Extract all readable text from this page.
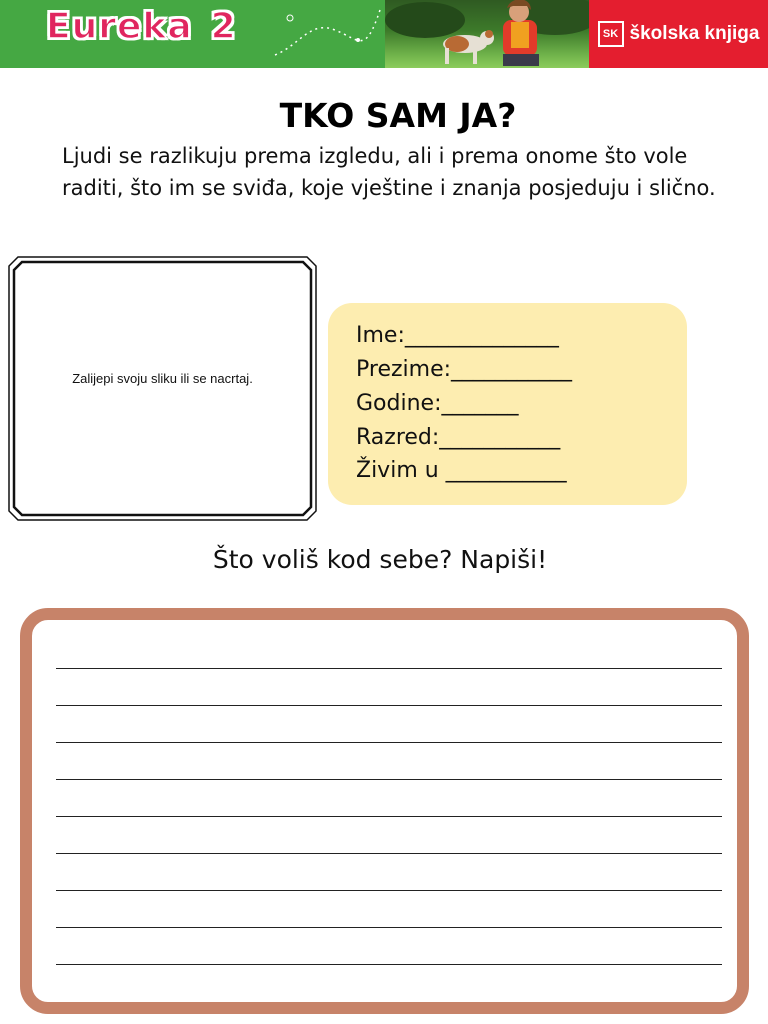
Eureka 2	SK školska knjiga
TKO SAM JA?
Ljudi se razlikuju prema izgledu, ali i prema onome što vole raditi, što im se sviđa, koje vještine i znanja posjeduju i slično.
Zalijepi svoju sliku ili se nacrtaj.
Ime:______________
Prezime:___________
Godine:_______
Razred:___________
Živim u ___________
Što voliš kod sebe? Napiši!
